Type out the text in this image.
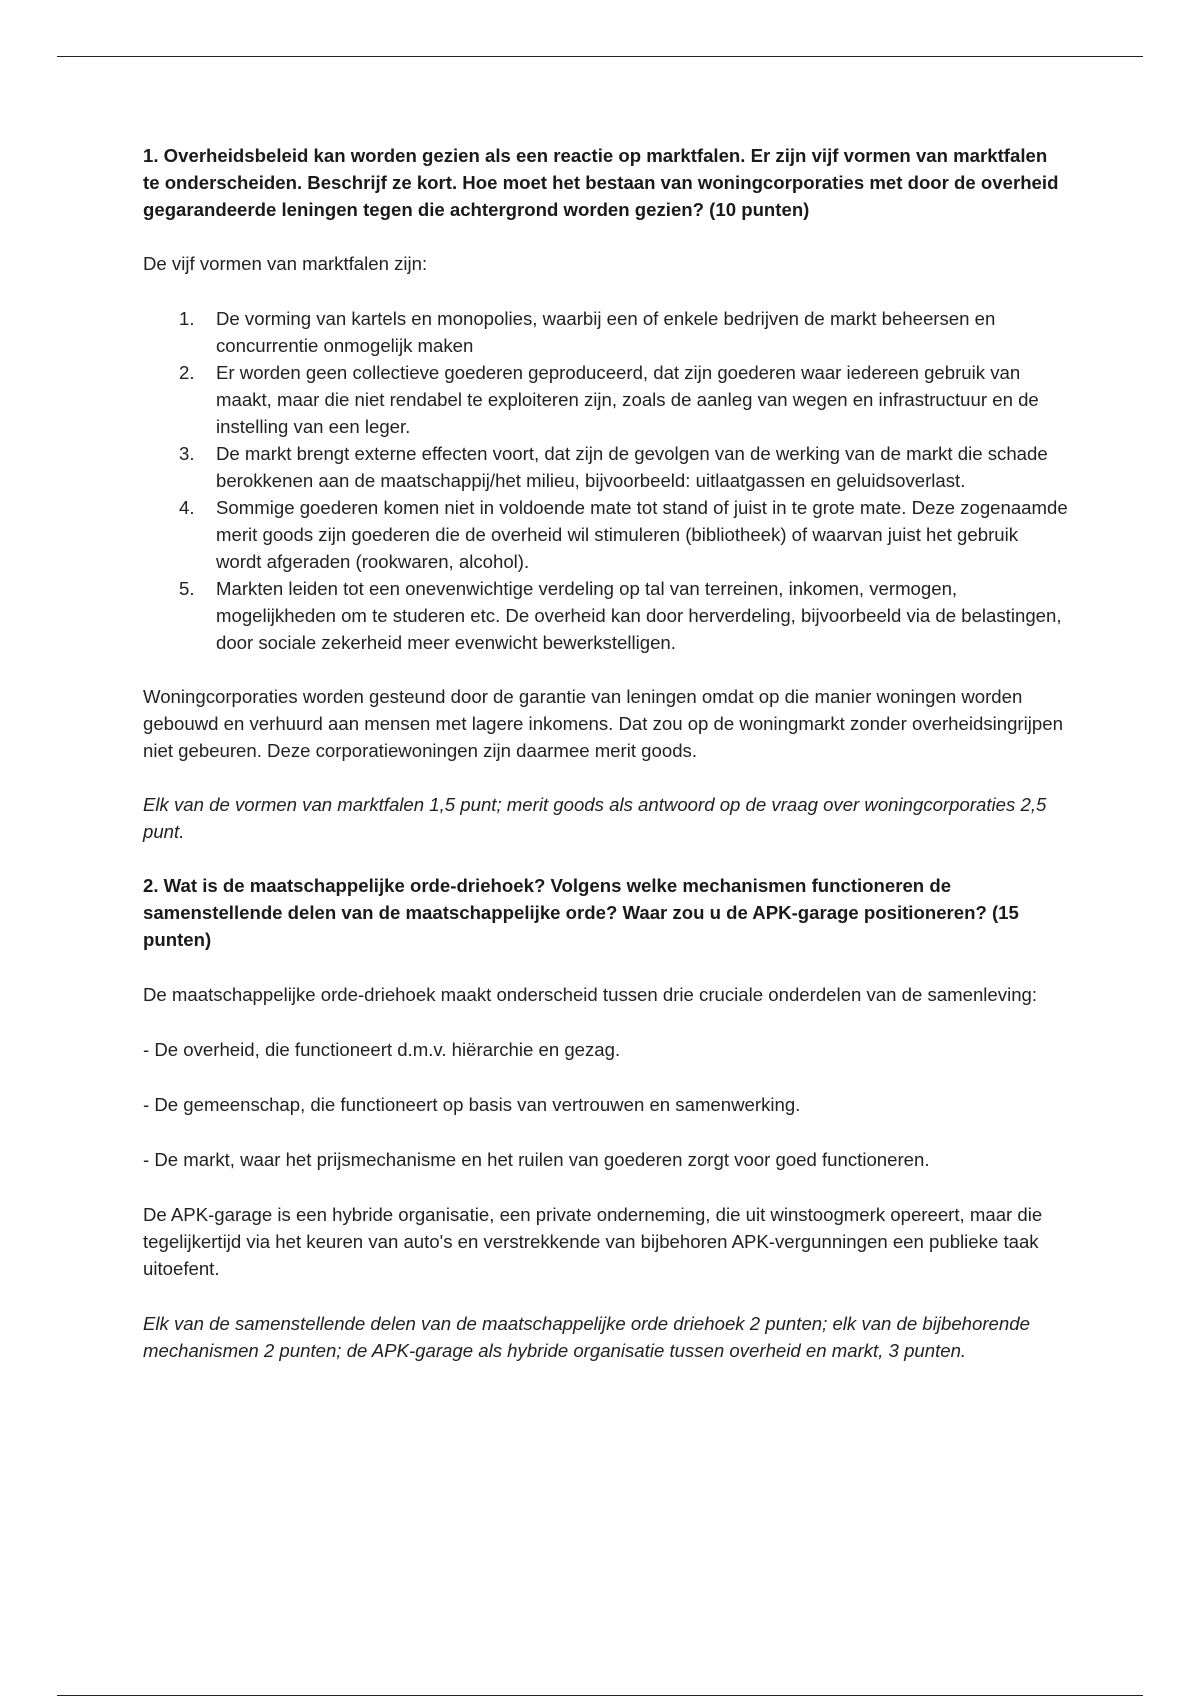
1. Overheidsbeleid kan worden gezien als een reactie op marktfalen. Er zijn vijf vormen van marktfalen te onderscheiden. Beschrijf ze kort. Hoe moet het bestaan van woningcorporaties met door de overheid gegarandeerde leningen tegen die achtergrond worden gezien? (10 punten)

De vijf vormen van marktfalen zijn:

1. De vorming van kartels en monopolies, waarbij een of enkele bedrijven de markt beheersen en concurrentie onmogelijk maken
2. Er worden geen collectieve goederen geproduceerd, dat zijn goederen waar iedereen gebruik van maakt, maar die niet rendabel te exploiteren zijn, zoals de aanleg van wegen en infrastructuur en de instelling van een leger.
3. De markt brengt externe effecten voort, dat zijn de gevolgen van de werking van de markt die schade berokkenen aan de maatschappij/het milieu, bijvoorbeeld: uitlaatgassen en geluidsoverlast.
4. Sommige goederen komen niet in voldoende mate tot stand of juist in te grote mate. Deze zogenaamde merit goods zijn goederen die de overheid wil stimuleren (bibliotheek) of waarvan juist het gebruik wordt afgeraden (rookwaren, alcohol).
5. Markten leiden tot een onevenwichtige verdeling op tal van terreinen, inkomen, vermogen, mogelijkheden om te studeren etc. De overheid kan door herverdeling, bijvoorbeeld via de belastingen, door sociale zekerheid meer evenwicht bewerkstelligen.

Woningcorporaties worden gesteund door de garantie van leningen omdat op die manier woningen worden gebouwd en verhuurd aan mensen met lagere inkomens. Dat zou op de woningmarkt zonder overheidsingrijpen niet gebeuren. Deze corporatiewoningen zijn daarmee merit goods.

Elk van de vormen van marktfalen 1,5 punt; merit goods als antwoord op de vraag over woningcorporaties 2,5 punt.

2. Wat is de maatschappelijke orde-driehoek? Volgens welke mechanismen functioneren de samenstellende delen van de maatschappelijke orde? Waar zou u de APK-garage positioneren? (15 punten)

De maatschappelijke orde-driehoek maakt onderscheid tussen drie cruciale onderdelen van de samenleving:

- De overheid, die functioneert d.m.v. hiërarchie en gezag.

- De gemeenschap, die functioneert op basis van vertrouwen en samenwerking.

- De markt, waar het prijsmechanisme en het ruilen van goederen zorgt voor goed functioneren.

De APK-garage is een hybride organisatie, een private onderneming, die uit winstoogmerk opereert, maar die tegelijkertijd via het keuren van auto's en verstrekkende van bijbehoren APK-vergunningen een publieke taak uitoefent.

Elk van de samenstellende delen van de maatschappelijke orde driehoek 2 punten; elk van de bijbehorende mechanismen 2 punten; de APK-garage als hybride organisatie tussen overheid en markt, 3 punten.
